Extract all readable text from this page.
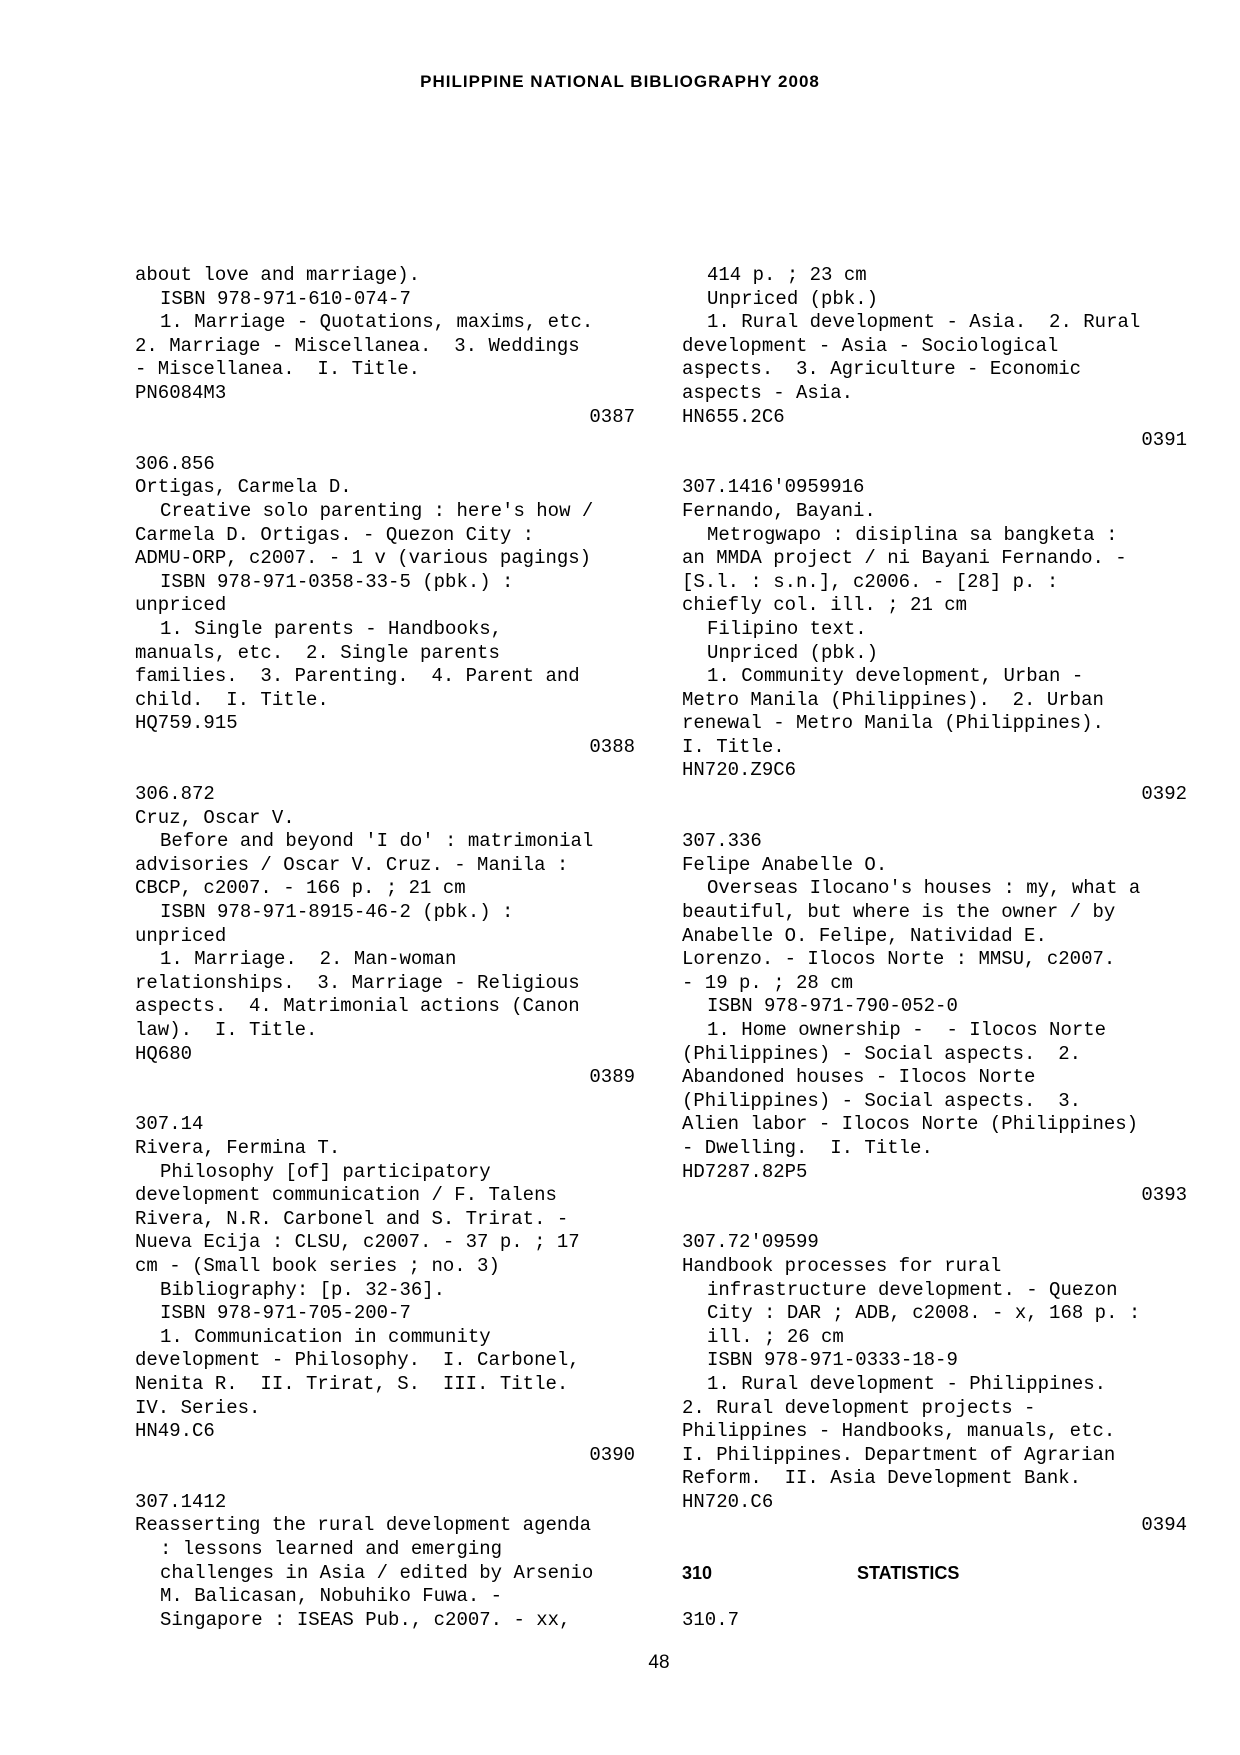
PHILIPPINE NATIONAL BIBLIOGRAPHY 2008
about love and marriage).
ISBN 978-971-610-074-7
1. Marriage - Quotations, maxims, etc.
2. Marriage - Miscellanea.  3. Weddings
- Miscellanea.  I. Title.
PN6084M3
0387
306.856
Ortigas, Carmela D.
Creative solo parenting : here's how /
Carmela D. Ortigas. - Quezon City :
ADMU-ORP, c2007. - 1 v (various pagings)
ISBN 978-971-0358-33-5 (pbk.) :
unpriced
1. Single parents - Handbooks,
manuals, etc.  2. Single parents
families.  3. Parenting.  4. Parent and
child.  I. Title.
HQ759.915
0388
306.872
Cruz, Oscar V.
Before and beyond 'I do' : matrimonial
advisories / Oscar V. Cruz. - Manila :
CBCP, c2007. - 166 p. ; 21 cm
ISBN 978-971-8915-46-2 (pbk.) :
unpriced
1. Marriage.  2. Man-woman
relationships.  3. Marriage - Religious
aspects.  4. Matrimonial actions (Canon
law).  I. Title.
HQ680
0389
307.14
Rivera, Fermina T.
Philosophy [of] participatory
development communication / F. Talens
Rivera, N.R. Carbonel and S. Trirat. -
Nueva Ecija : CLSU, c2007. - 37 p. ; 17
cm - (Small book series ; no. 3)
Bibliography: [p. 32-36].
ISBN 978-971-705-200-7
1. Communication in community
development - Philosophy.  I. Carbonel,
Nenita R.  II. Trirat, S.  III. Title.
IV. Series.
HN49.C6
0390
307.1412
Reasserting the rural development agenda
: lessons learned and emerging
challenges in Asia / edited by Arsenio
M. Balicasan, Nobuhiko Fuwa. -
Singapore : ISEAS Pub., c2007. - xx,
414 p. ; 23 cm
Unpriced (pbk.)
1. Rural development - Asia.  2. Rural
development - Asia - Sociological
aspects.  3. Agriculture - Economic
aspects - Asia.
HN655.2C6
0391
307.1416'0959916
Fernando, Bayani.
Metrogwapo : disiplina sa bangketa :
an MMDA project / ni Bayani Fernando. -
[S.l. : s.n.], c2006. - [28] p. :
chiefly col. ill. ; 21 cm
Filipino text.
Unpriced (pbk.)
1. Community development, Urban -
Metro Manila (Philippines).  2. Urban
renewal - Metro Manila (Philippines).
I. Title.
HN720.Z9C6
0392
307.336
Felipe Anabelle O.
Overseas Ilocano's houses : my, what a
beautiful, but where is the owner / by
Anabelle O. Felipe, Natividad E.
Lorenzo. - Ilocos Norte : MMSU, c2007.
- 19 p. ; 28 cm
ISBN 978-971-790-052-0
1. Home ownership -  - Ilocos Norte
(Philippines) - Social aspects.  2.
Abandoned houses - Ilocos Norte
(Philippines) - Social aspects.  3.
Alien labor - Ilocos Norte (Philippines)
- Dwelling.  I. Title.
HD7287.82P5
0393
307.72'09599
Handbook processes for rural
infrastructure development. - Quezon
City : DAR ; ADB, c2008. - x, 168 p. :
ill. ; 26 cm
ISBN 978-971-0333-18-9
1. Rural development - Philippines.
2. Rural development projects -
Philippines - Handbooks, manuals, etc.
I. Philippines. Department of Agrarian
Reform.  II. Asia Development Bank.
HN720.C6
0394
310	STATISTICS
310.7
48
